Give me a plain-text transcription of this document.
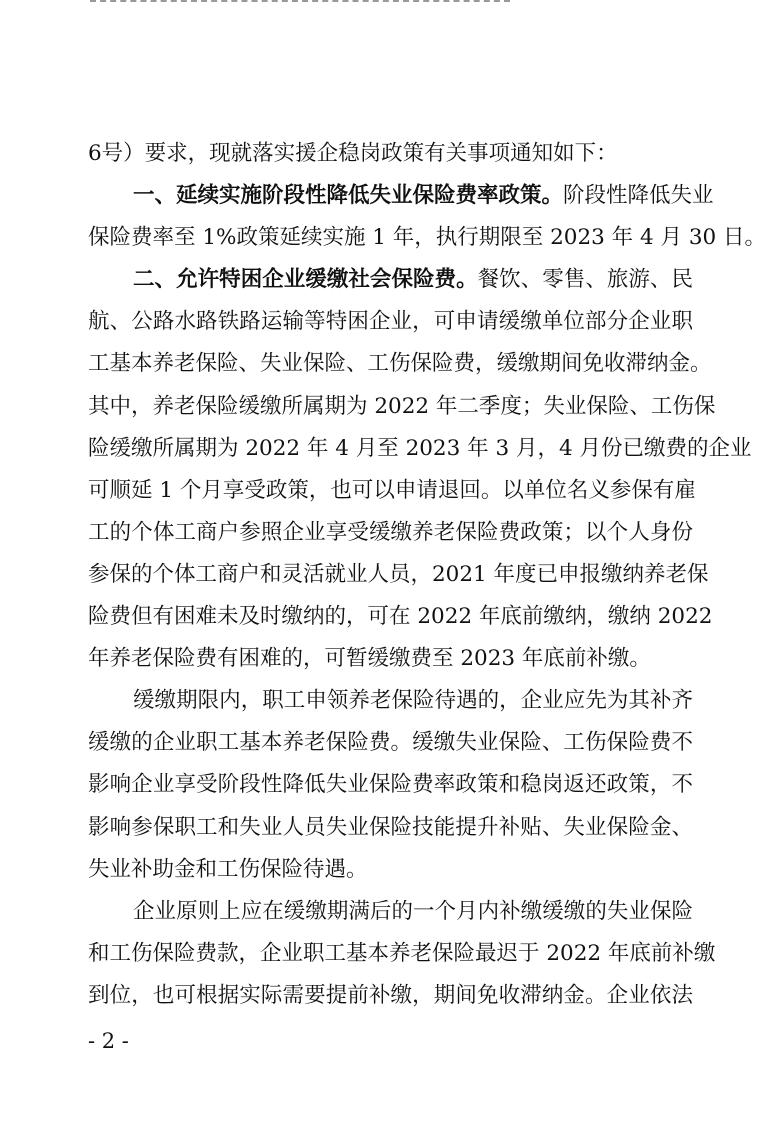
6号）要求，现就落实援企稳岗政策有关事项通知如下：
一、延续实施阶段性降低失业保险费率政策。阶段性降低失业
保险费率至 1%政策延续实施 1 年，执行期限至 2023 年 4 月 30 日。
二、允许特困企业缓缴社会保险费。餐饮、零售、旅游、民
航、公路水路铁路运输等特困企业，可申请缓缴单位部分企业职
工基本养老保险、失业保险、工伤保险费，缓缴期间免收滞纳金。
其中，养老保险缓缴所属期为 2022 年二季度；失业保险、工伤保
险缓缴所属期为 2022 年 4 月至 2023 年 3 月，4 月份已缴费的企业
可顺延 1 个月享受政策，也可以申请退回。以单位名义参保有雇
工的个体工商户参照企业享受缓缴养老保险费政策；以个人身份
参保的个体工商户和灵活就业人员，2021 年度已申报缴纳养老保
险费但有困难未及时缴纳的，可在 2022 年底前缴纳，缴纳 2022
年养老保险费有困难的，可暂缓缴费至 2023 年底前补缴。
缓缴期限内，职工申领养老保险待遇的，企业应先为其补齐
缓缴的企业职工基本养老保险费。缓缴失业保险、工伤保险费不
影响企业享受阶段性降低失业保险费率政策和稳岗返还政策，不
影响参保职工和失业人员失业保险技能提升补贴、失业保险金、
失业补助金和工伤保险待遇。
企业原则上应在缓缴期满后的一个月内补缴缓缴的失业保险
和工伤保险费款，企业职工基本养老保险最迟于 2022 年底前补缴
到位，也可根据实际需要提前补缴，期间免收滞纳金。企业依法
- 2 -
